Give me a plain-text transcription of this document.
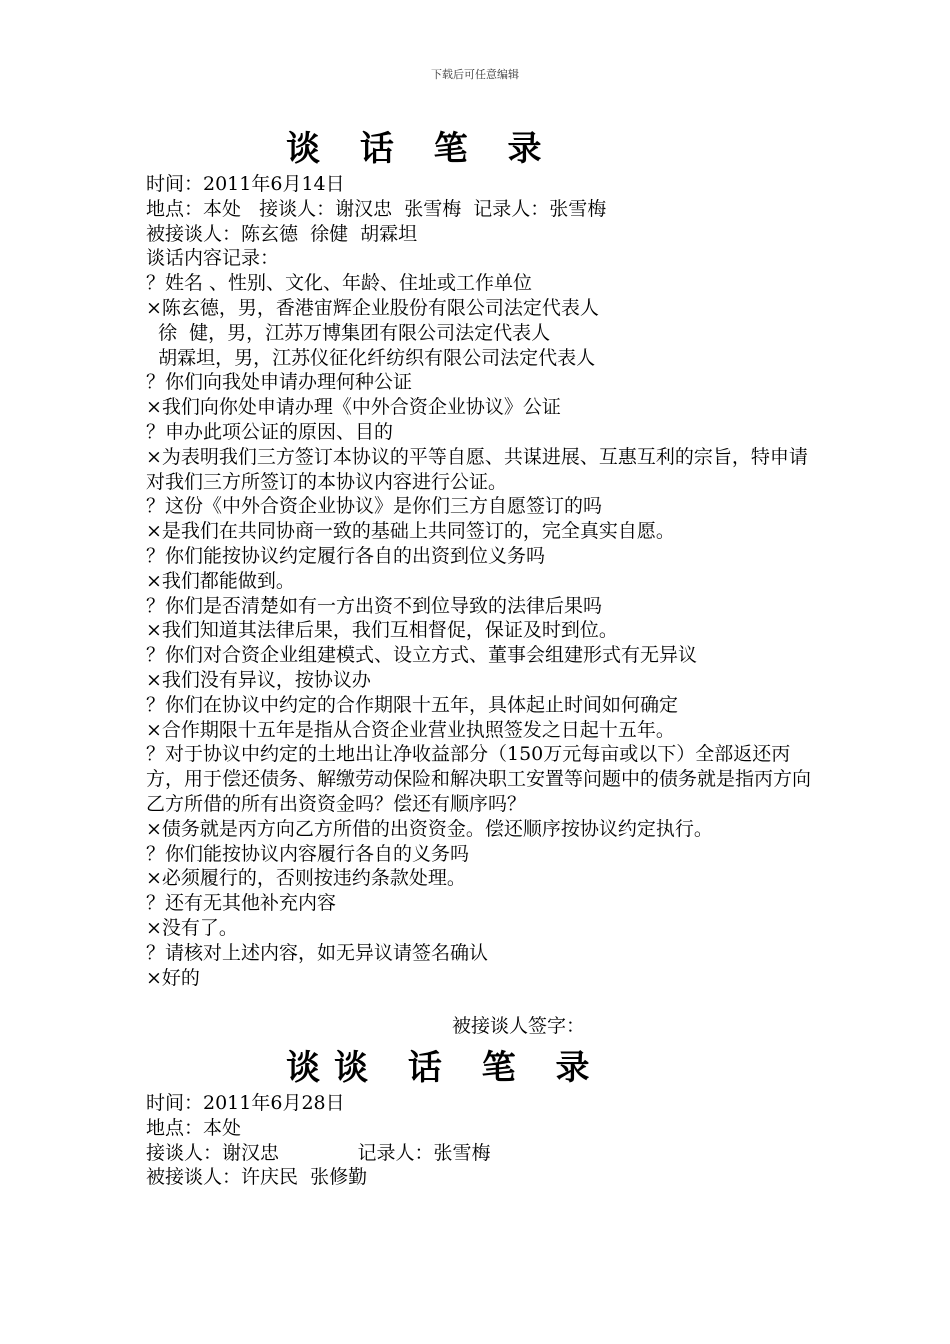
下载后可任意编辑
谈 话 笔 录

时间：2011年6月14日

地点：本处   接谈人：谢汉忠  张雪梅  记录人：张雪梅

被接谈人：陈玄德  徐健  胡霖坦

谈话内容记录：

？姓名 、性别、文化、年龄、住址或工作单位

×陈玄德，男，香港宙辉企业股份有限公司法定代表人

徐  健，男，江苏万博集团有限公司法定代表人

胡霖坦，男，江苏仪征化纤纺织有限公司法定代表人

？你们向我处申请办理何种公证

×我们向你处申请办理《中外合资企业协议》公证

？申办此项公证的原因、目的

×为表明我们三方签订本协议的平等自愿、共谋进展、互惠互利的宗旨，特申请对我们三方所签订的本协议内容进行公证。

？这份《中外合资企业协议》是你们三方自愿签订的吗

×是我们在共同协商一致的基础上共同签订的，完全真实自愿。

？你们能按协议约定履行各自的出资到位义务吗

×我们都能做到。

？你们是否清楚如有一方出资不到位导致的法律后果吗

×我们知道其法律后果，我们互相督促，保证及时到位。

？你们对合资企业组建模式、设立方式、董事会组建形式有无异议

×我们没有异议，按协议办

？你们在协议中约定的合作期限十五年，具体起止时间如何确定

×合作期限十五年是指从合资企业营业执照签发之日起十五年。

？对于协议中约定的土地出让净收益部分（150万元每亩或以下）全部返还丙方，用于偿还债务、解缴劳动保险和解决职工安置等问题中的债务就是指丙方向乙方所借的所有出资资金吗？偿还有顺序吗？

×债务就是丙方向乙方所借的出资资金。偿还顺序按协议约定执行。

？你们能按协议内容履行各自的义务吗

×必须履行的，否则按违约条款处理。

？还有无其他补充内容

×没有了。

？请核对上述内容，如无异议请签名确认

×好的

被接谈人签字：

谈谈 话 笔 录

时间：2011年6月28日

地点：本处

接谈人：谢汉忠             记录人：张雪梅

被接谈人：许庆民  张修勤
